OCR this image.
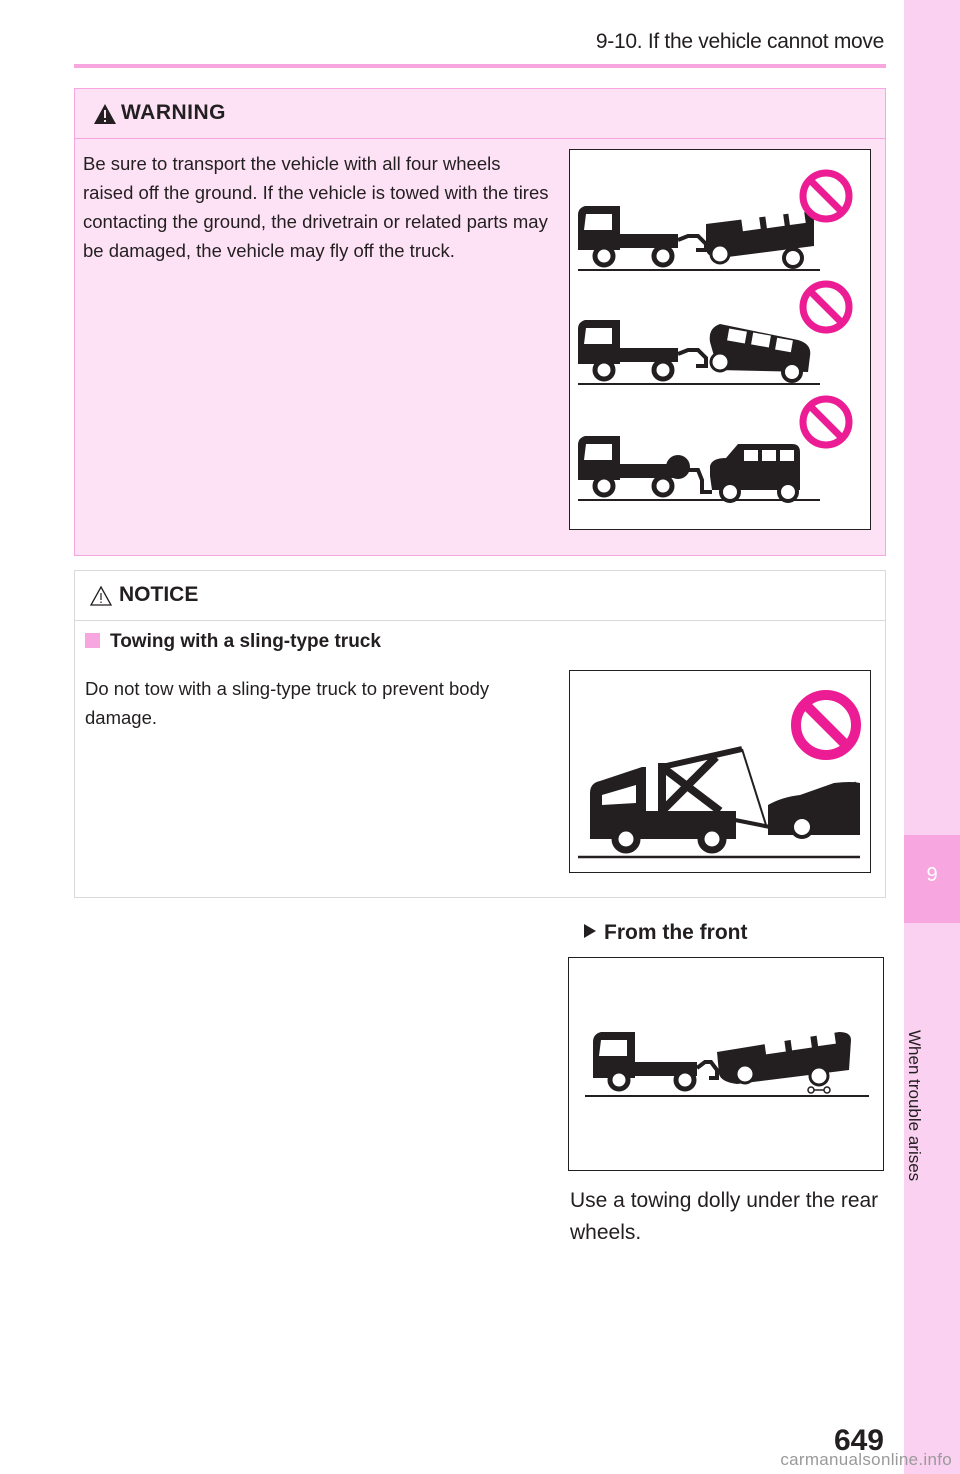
9-10. If the vehicle cannot move
9
When trouble arises
WARNING
Be sure to transport the vehicle with all four wheels raised off the ground. If the vehicle is towed with the tires contacting the ground, the drivetrain or related parts may be damaged, the vehicle may fly off the truck.
NOTICE
Towing with a sling-type truck
Do not tow with a sling-type truck to prevent body damage.
From the front
Use a towing dolly under the rear wheels.
649
carmanualsonline.info
